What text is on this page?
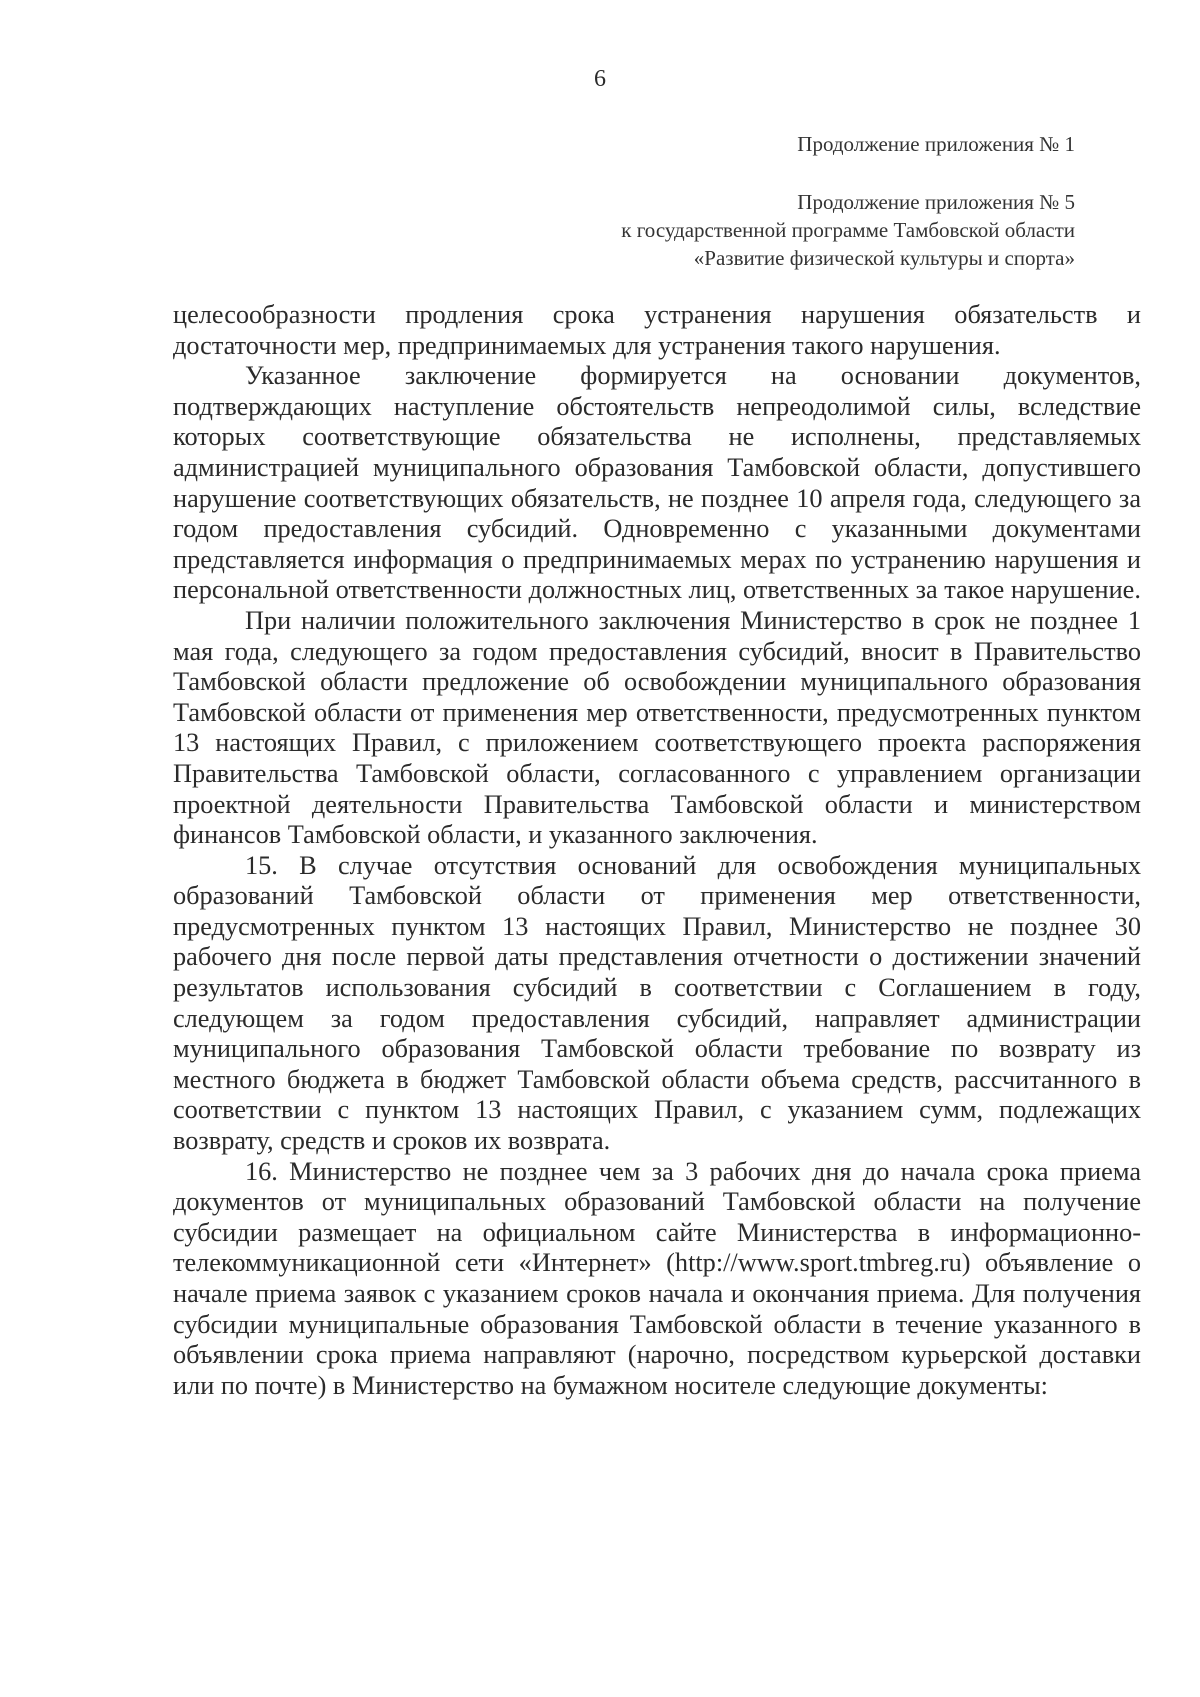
6
Продолжение приложения № 1
Продолжение приложения № 5
к государственной программе Тамбовской области
«Развитие физической культуры и спорта»

целесообразности продления срока устранения нарушения обязательств и достаточности мер, предпринимаемых для устранения такого нарушения.

Указанное заключение формируется на основании документов, подтверждающих наступление обстоятельств непреодолимой силы, вследствие которых соответствующие обязательства не исполнены, представляемых администрацией муниципального образования Тамбовской области, допустившего нарушение соответствующих обязательств, не позднее 10 апреля года, следующего за годом предоставления субсидий. Одновременно с указанными документами представляется информация о предпринимаемых мерах по устранению нарушения и персональной ответственности должностных лиц, ответственных за такое нарушение.

При наличии положительного заключения Министерство в срок не позднее 1 мая года, следующего за годом предоставления субсидий, вносит в Правительство Тамбовской области предложение об освобождении муниципального образования Тамбовской области от применения мер ответственности, предусмотренных пунктом 13 настоящих Правил, с приложением соответствующего проекта распоряжения Правительства Тамбовской области, согласованного с управлением организации проектной деятельности Правительства Тамбовской области и министерством финансов Тамбовской области, и указанного заключения.

15. В случае отсутствия оснований для освобождения муниципальных образований Тамбовской области от применения мер ответственности, предусмотренных пунктом 13 настоящих Правил, Министерство не позднее 30 рабочего дня после первой даты представления отчетности о достижении значений результатов использования субсидий в соответствии с Соглашением в году, следующем за годом предоставления субсидий, направляет администрации муниципального образования Тамбовской области требование по возврату из местного бюджета в бюджет Тамбовской области объема средств, рассчитанного в соответствии с пунктом 13 настоящих Правил, с указанием сумм, подлежащих возврату, средств и сроков их возврата.

16. Министерство не позднее чем за 3 рабочих дня до начала срока приема документов от муниципальных образований Тамбовской области на получение субсидии размещает на официальном сайте Министерства в информационно-телекоммуникационной сети «Интернет» (http://www.sport.tmbreg.ru) объявление о начале приема заявок с указанием сроков начала и окончания приема. Для получения субсидии муниципальные образования Тамбовской области в течение указанного в объявлении срока приема направляют (нарочно, посредством курьерской доставки или по почте) в Министерство на бумажном носителе следующие документы:
